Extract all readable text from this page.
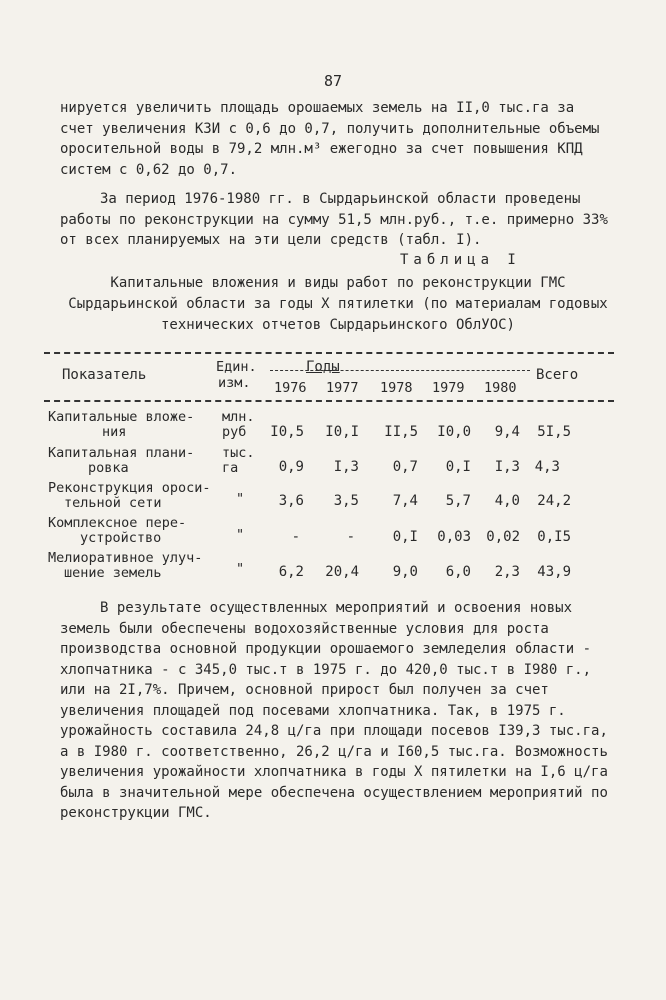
87

нируется увеличить площадь орошаемых земель на II,0 тыс.га за счет увеличения КЗИ с 0,6 до 0,7, получить дополнительные объемы оросительной воды в 79,2 млн.м³ ежегодно за счет повышения КПД систем с 0,62 до 0,7.

За период 1976-1980 гг. в Сырдарьинской области проведены работы по реконструкции на сумму 51,5 млн.руб., т.е. примерно 33% от всех планируемых на эти цели средств (табл. I).

Таблица I

Капитальные вложения и виды работ по реконструкции ГМС Сырдарьинской области за годы X пятилетки (по материалам годовых технических отчетов Сырдарьинского ОблУОС)

Показатель	Един.
изм.
Годы	Всего
1976 1977 1978 1979 1980
Капитальные вложе-
ния
млн.
руб	I0,5	I0,I	II,5	I0,0	9,4	5I,5
Капитальная плани-
ровка
тыс.
га	0,9	I,3	0,7	0,I	I,3	4,3
Реконструкция ороси-
тельной сети	"	3,6	3,5	7,4	5,7	4,0	24,2
Комплексное пере-
устройство	"	-	-	0,I	0,03	0,02	0,I5
Мелиоративное улуч-
шение земель	"	6,2	20,4	9,0	6,0	2,3	43,9

В результате осуществленных мероприятий и освоения новых земель были обеспечены водохозяйственные условия для роста производства основной продукции орошаемого земледелия области - хлопчатника - с 345,0 тыс.т в 1975 г. до 420,0 тыс.т в I980 г., или на 2I,7%. Причем, основной прирост был получен за счет увеличения площадей под посевами хлопчатника. Так, в 1975 г. урожайность составила 24,8 ц/га при площади посевов I39,3 тыс.га, а в I980 г. соответственно, 26,2 ц/га и I60,5 тыс.га. Возможность увеличения урожайности хлопчатника в годы X пятилетки на I,6 ц/га была в значительной мере обеспечена осуществлением мероприятий по реконструкции ГМС.
